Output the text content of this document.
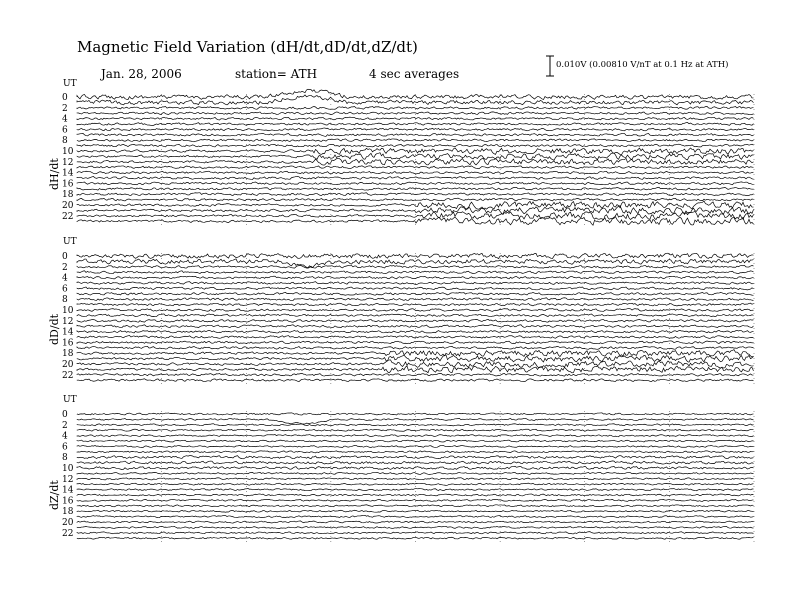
Magnetic Field Variation (dH/dt,dD/dt,dZ/dt)
Jan. 28, 2006	station= ATH	4 sec averages
0.010V (0.00810 V/nT at 0.1 Hz at ATH)
0
2
4
6
8
10
12
14
16
18
20
22
0
2
4
6
8
10
12
14
16
18
20
22
0
2
4
6
8
10
12
14
16
18
20
22
UT
dH/dt
UT
dD/dt
UT
dZ/dt
